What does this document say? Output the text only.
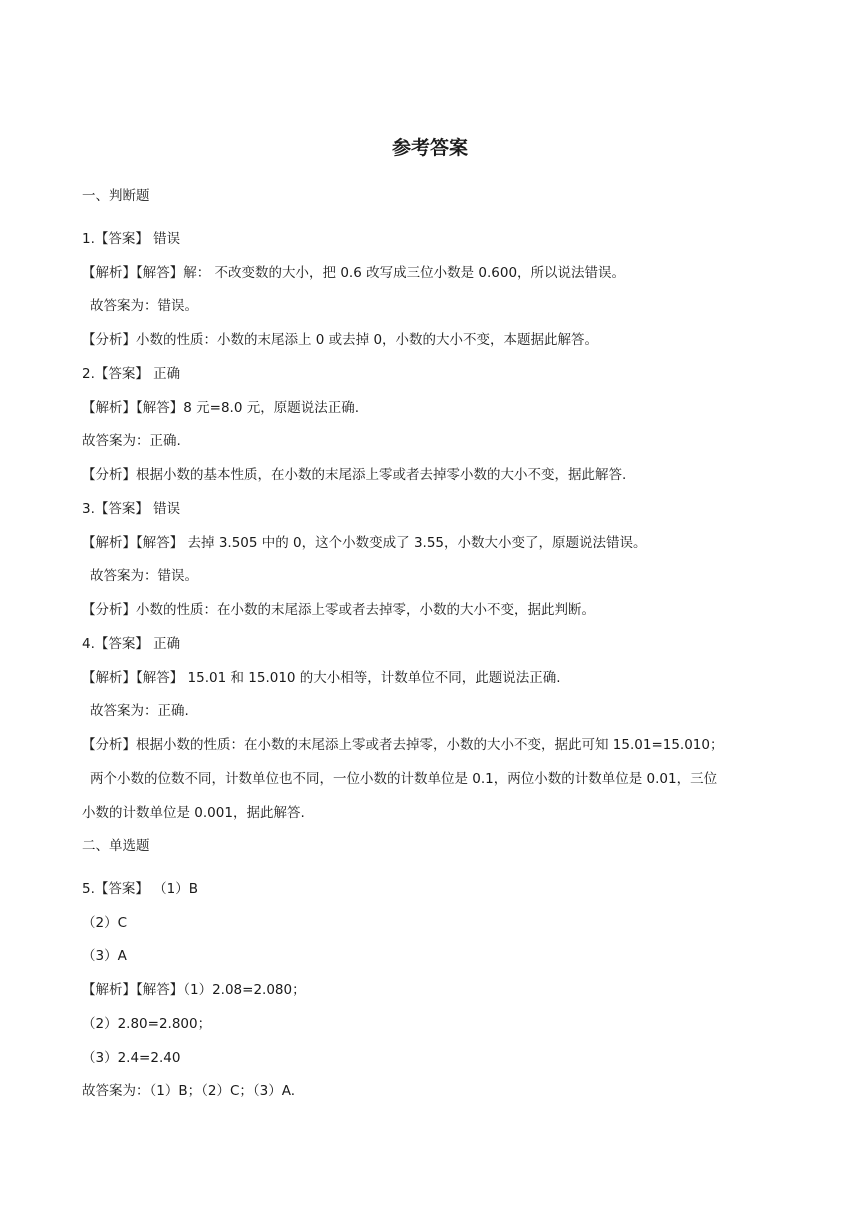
参考答案
一、判断题
1.【答案】 错误
【解析】【解答】解： 不改变数的大小，把 0.6 改写成三位小数是 0.600，所以说法错误。
故答案为：错误。
【分析】小数的性质：小数的末尾添上 0 或去掉 0，小数的大小不变，本题据此解答。
2.【答案】 正确
【解析】【解答】8 元=8.0 元，原题说法正确.
故答案为：正确.
【分析】根据小数的基本性质，在小数的末尾添上零或者去掉零小数的大小不变，据此解答.
3.【答案】 错误
【解析】【解答】 去掉 3.505 中的 0，这个小数变成了 3.55，小数大小变了，原题说法错误。
故答案为：错误。
【分析】小数的性质：在小数的末尾添上零或者去掉零，小数的大小不变，据此判断。
4.【答案】 正确
【解析】【解答】 15.01 和 15.010 的大小相等，计数单位不同，此题说法正确.
故答案为：正确.
【分析】根据小数的性质：在小数的末尾添上零或者去掉零，小数的大小不变，据此可知 15.01=15.010；
两个小数的位数不同，计数单位也不同，一位小数的计数单位是 0.1，两位小数的计数单位是 0.01，三位
小数的计数单位是 0.001，据此解答.
二、单选题
5.【答案】 （1）B
（2）C
（3）A
【解析】【解答】（1）2.08=2.080；
（2）2.80=2.800；
（3）2.4=2.40
故答案为：（1）B；（2）C；（3）A.
